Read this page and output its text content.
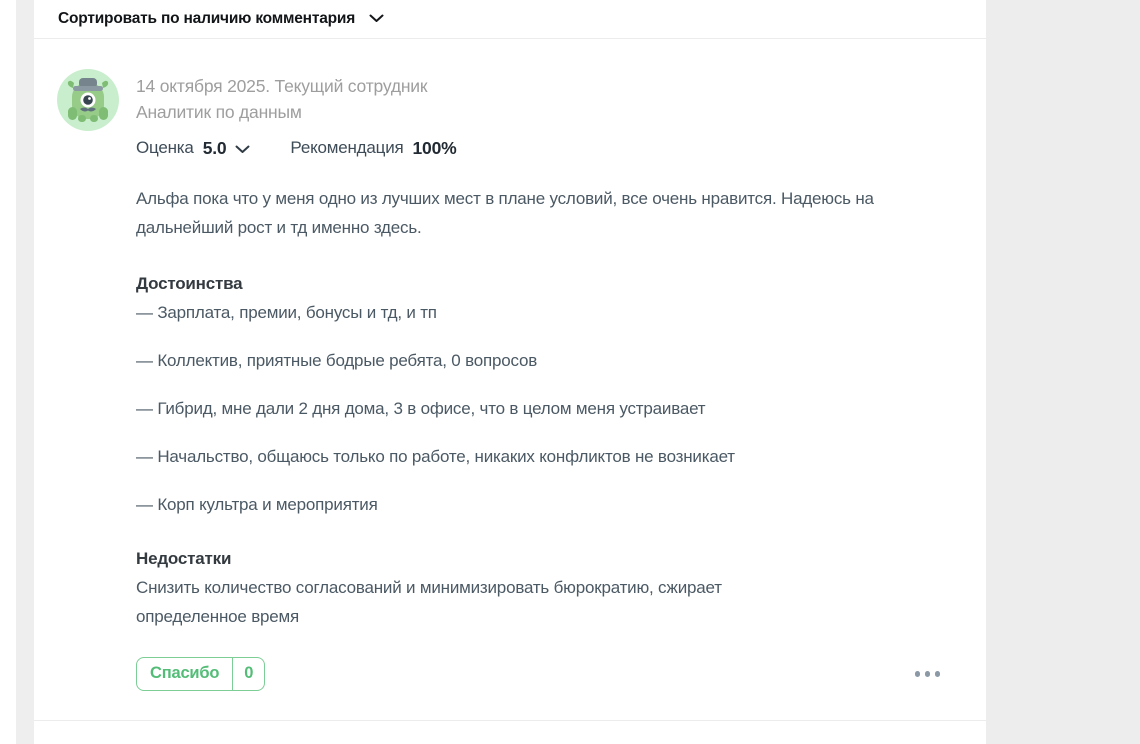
Сортировать по наличию комментария
14 октября 2025. Текущий сотрудник
Аналитик по данным
Оценка 5.0	Рекомендация 100%
Альфа пока что у меня одно из лучших мест в плане условий, все очень нравится. Надеюсь на дальнейший рост и тд именно здесь.
Достоинства
— Зарплата, премии, бонусы и тд, и тп
— Коллектив, приятные бодрые ребята, 0 вопросов
— Гибрид, мне дали 2 дня дома, 3 в офисе, что в целом меня устраивает
— Начальство, общаюсь только по работе, никаких конфликтов не возникает
— Корп культра и мероприятия
Недостатки
Снизить количество согласований и минимизировать бюрократию, сжирает определенное время
Спасибо	0
